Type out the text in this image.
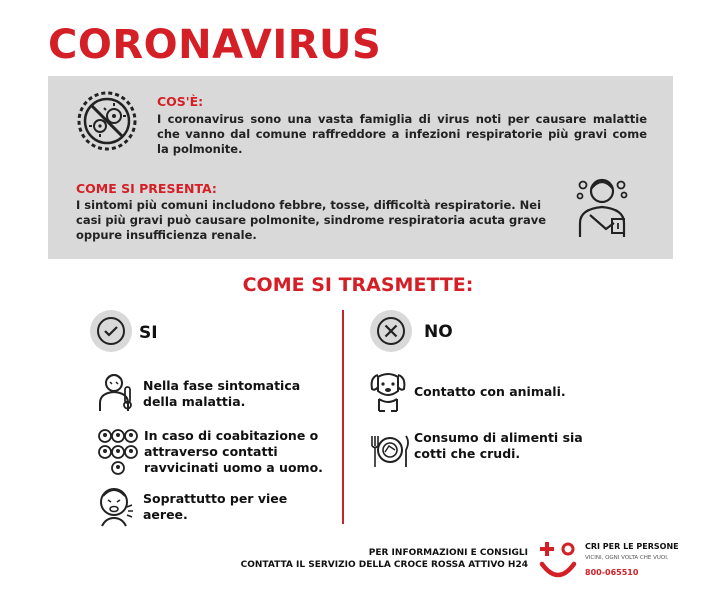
CORONAVIRUS
COS'È:
I coronavirus sono una vasta famiglia di virus noti per causare malattie che vanno dal comune raffreddore a infezioni respiratorie più gravi come la polmonite.
COME SI PRESENTA:
I sintomi più comuni includono febbre, tosse, difficoltà respiratorie. Nei casi più gravi può causare polmonite, sindrome respiratoria acuta grave oppure insufficienza renale.
COME SI TRASMETTE:
SI	NO
Nella fase sintomatica della malattia.
In caso di coabitazione o attraverso contatti ravvicinati uomo a uomo.
Soprattutto per viee aeree.
Contatto con animali.
Consumo di alimenti sia cotti che crudi.
PER INFORMAZIONI E CONSIGLI
CONTATTA IL SERVIZIO DELLA CROCE ROSSA ATTIVO H24
CRI PER LE PERSONE
VICINI, OGNI VOLTA CHE VUOI.
800-065510
